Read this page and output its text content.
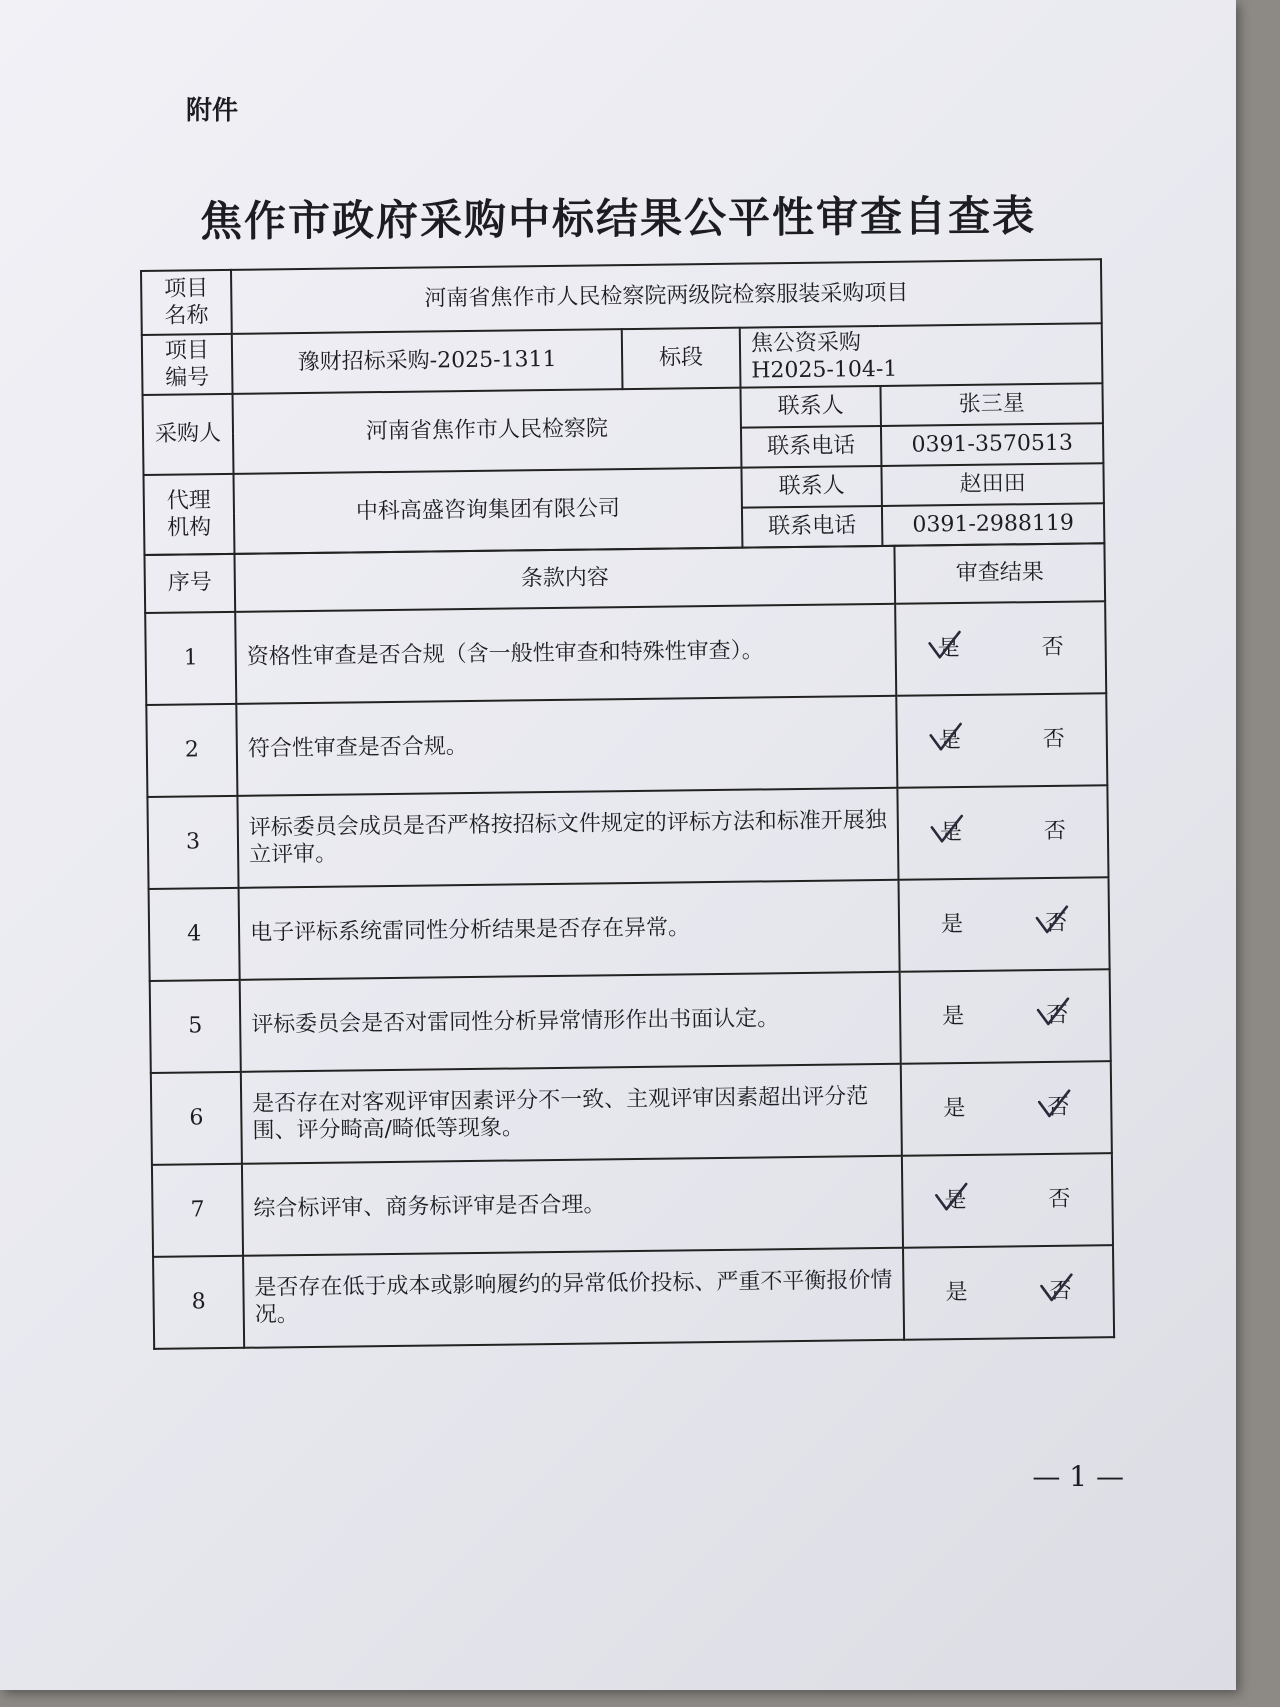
附件
焦作市政府采购中标结果公平性审查自查表
项目
名称	河南省焦作市人民检察院两级院检察服装采购项目			
项目
编号	豫财招标采购-2025-1311	标段	焦公资采购
H2025-104-1	
采购人	河南省焦作市人民检察院		联系人	张三星
			联系电话	0391-3570513
代理
机构	中科高盛咨询集团有限公司		联系人	赵田田
			联系电话	0391-2988119
序号	条款内容	审查结果
1	资格性审查是否合规（含一般性审查和特殊性审查）。	是 否
2	符合性审查是否合规。	是 否
3	评标委员会成员是否严格按招标文件规定的评标方法和标准开展独立评审。	是 否
4	电子评标系统雷同性分析结果是否存在异常。	是 否

5	评标委员会是否对雷同性分析异常情形作出书面认定。	是 否

6	是否存在对客观评审因素评分不一致、主观评审因素超出评分范围、评分畸高/畸低等现象。	是 否

7	综合标评审、商务标评审是否合理。	是 否
8	是否存在低于成本或影响履约的异常低价投标、严重不平衡报价情况。	是 否
— 1 —
